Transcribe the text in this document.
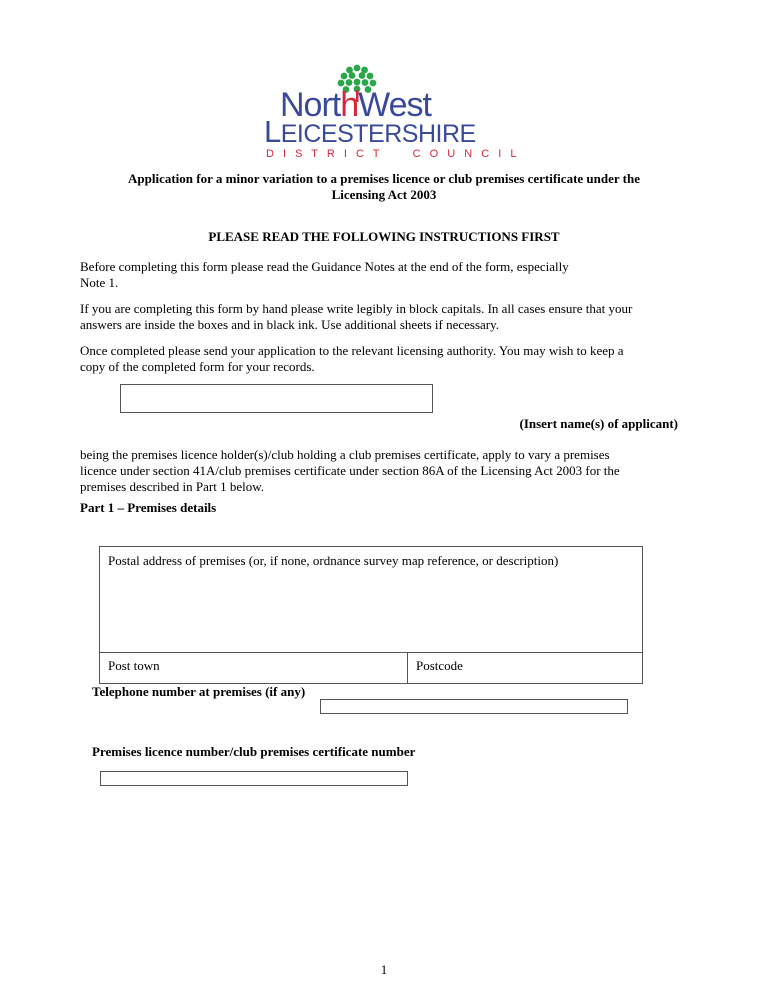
NorthWest
LEICESTERSHIRE
D I S T R I C T     C O U N C I L
Application for a minor variation to a premises licence or club premises certificate under the
Licensing Act 2003
PLEASE READ THE FOLLOWING INSTRUCTIONS FIRST
Before completing this form please read the Guidance Notes at the end of the form, especially
Note 1.
If you are completing this form by hand please write legibly in block capitals. In all cases ensure that your
answers are inside the boxes and in black ink. Use additional sheets if necessary.
Once completed please send your application to the relevant licensing authority. You may wish to keep a
copy of the completed form for your records.
(Insert name(s) of applicant)
being the premises licence holder(s)/club holding a club premises certificate, apply to vary a premises
licence under section 41A/club premises certificate under section 86A of the Licensing Act 2003 for the
premises described in Part 1 below.
Part 1 – Premises details
Postal address of premises (or, if none, ordnance survey map reference, or description)
Post town	Postcode
Telephone number at premises (if any)
Premises licence number/club premises certificate number
1
